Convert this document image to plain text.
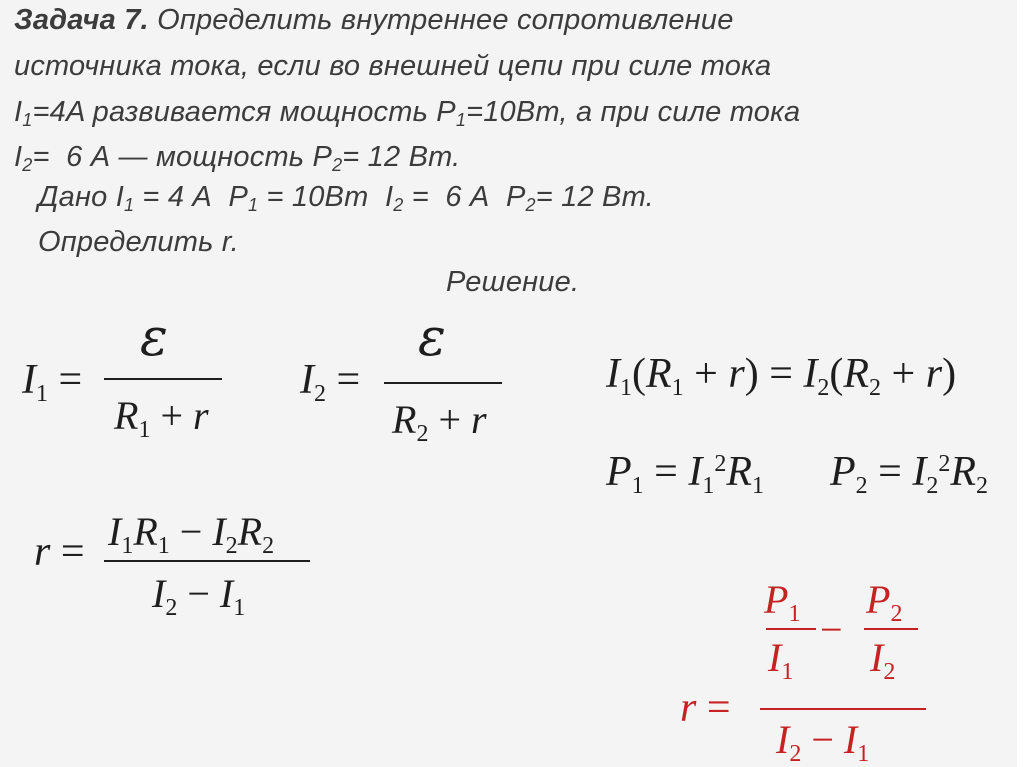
Задача 7. Определить внутреннее сопротивление
источника тока, если во внешней цепи при силе тока
$I_1=4A$ развивается мощность $P_1=10Вт$, а при силе тока
$I_2= 6$ А — мощность $P_2= 12$ Вт.
Дано $I_1 = 4$ А  $P_1 = 10Вт$  $I_2 = 6$ А  $P_2= 12$ Вт.
Определить r.
Решение.
$I_1$ =
ε
$R_1 + r$
$I_2$ =
ε
$R_2 + r$
$I_1(R_1 + r) = I_2(R_2 + r)$
$P_1 = I_1^2R_1$ $P_2 = I_2^2R_2$
$r = I_1R_1 - I_2R_2$
$I_2 - I_1$	$P_1$
$I_1$
−
$P_2$
$I_2$
r =
$I_2 - I_1$
